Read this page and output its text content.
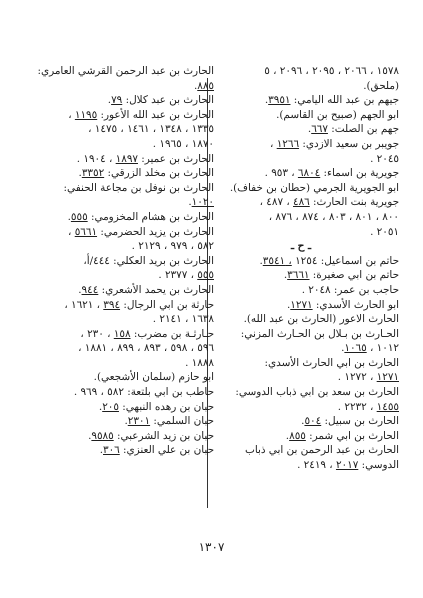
١٥٧٨ ، ٢٠٦٦ ، ٢٠٩٥ ، ٢٠٩٦ ، ٥
(ملحق).
جيهم بن عبد الله اليامي: ٣٩٥١.
ابو الجهم (صبيح بن القاسم).
جهم بن الصلت: ٦٦٧.
جويبر بن سعيد الازدي: ١٢٦٦ ،
٢٠٤٥ .
جويرية بن اسماء: ٦٨٠٤ ، ٩٥٣ .
ابو الجويرية الجرمي (حطان بن خفاف).
جويرية بنت الحارث: ٤٨٦ ، ٤٨٧ ،
٨٠٠ ، ٨٠١ ، ٨٠٣ ، ٨٧٤ ، ٨٧٦ ،
٢٠٥١ .
ـ ح ـ
حاتم بن اسماعيل: ١٢٥٤ ، ٣٥٤١.
حاتم بن ابي صغيرة: ٣٦٦١.
حاجب بن عمر: ٢٠٤٨ .
ابو الحارث الأسدي: ١٢٧١.
الحارث الاعور (الحارث بن عبد الله).
الحـارث بن بـلال بن الحـارث المزني:
١٠١٢ ، ١٠٦٥.
الحارث بن ابي الحارث الأسدي:
١٢٧١ ، ١٢٧٢ .
الحارث بن سعد بن ابي ذباب الدوسي:
١٤٥٥ ، ٢٢٣٢ .
الحارث بن سبيل: ٥٠٤.
الحارث بن ابي شمر: ٨٥٥.
الحارث بن عبد الرحمن بن ابي ذباب
الدوسي: ٢٠١٧ ، ٢٤١٩ .
الحارث بن عبد الرحمن القرشي العامري:
٨٨٥.
الحارث بن عبد كلال: ٧٩.
الحارث بن عبد الله الأعور: ١١٩٥ ،
١٣٣٥ ، ١٣٤٨ ، ١٤٦١ ، ١٤٧٥ ،
١٨٧٠ ، ١٩٦٥ .
الحارث بن عمير: ١٨٩٧ ، ١٩٠٤ .
الحارث بن مخلد الزرقي: ٣٣٥٢.
الحارث بن نوفل بن مجاعة الحنفي:
١٠٢٠.
الحارث بن هشام المخزومي: ٥٥٥.
الحارث بن يزيد الحضرمي: ٥٦٦١ ،
٥٨٢ ، ٩٧٩ ، ٢١٢٩ .
الحارث بن بريد العكلي: ٤٤٤/أ،
٥٥٥ ، ٢٣٧٧ .
الحارث بن يحمد الأشعري: ٩٤٤.
حارثة بن ابي الرجال: ٣٩٤ ، ١٦٢١ ،
١٦٣٨ ، ٢١٤١ .
حـارثـة بن مضرب: ١٥٨ ، ٢٣٠ ،
٥٩٦ ، ٥٩٨ ، ٨٩٣ ، ٨٩٩ ، ١٨٨١ ،
١٨٨٨ .
ابو حازم (سلمان الأشجعي).
حاطب بن ابي بلتعة: ٥٨٢ ، ٩٦٩ .
حبان بن رهده النبهي: ٢٠٥.
حبان السلمي: ٢٣٠١.
حبان بن زيد الشرعبي: ٩٥٨٥.
حبان بن علي العنزي: ٣٠٦.
١٣٠٧
